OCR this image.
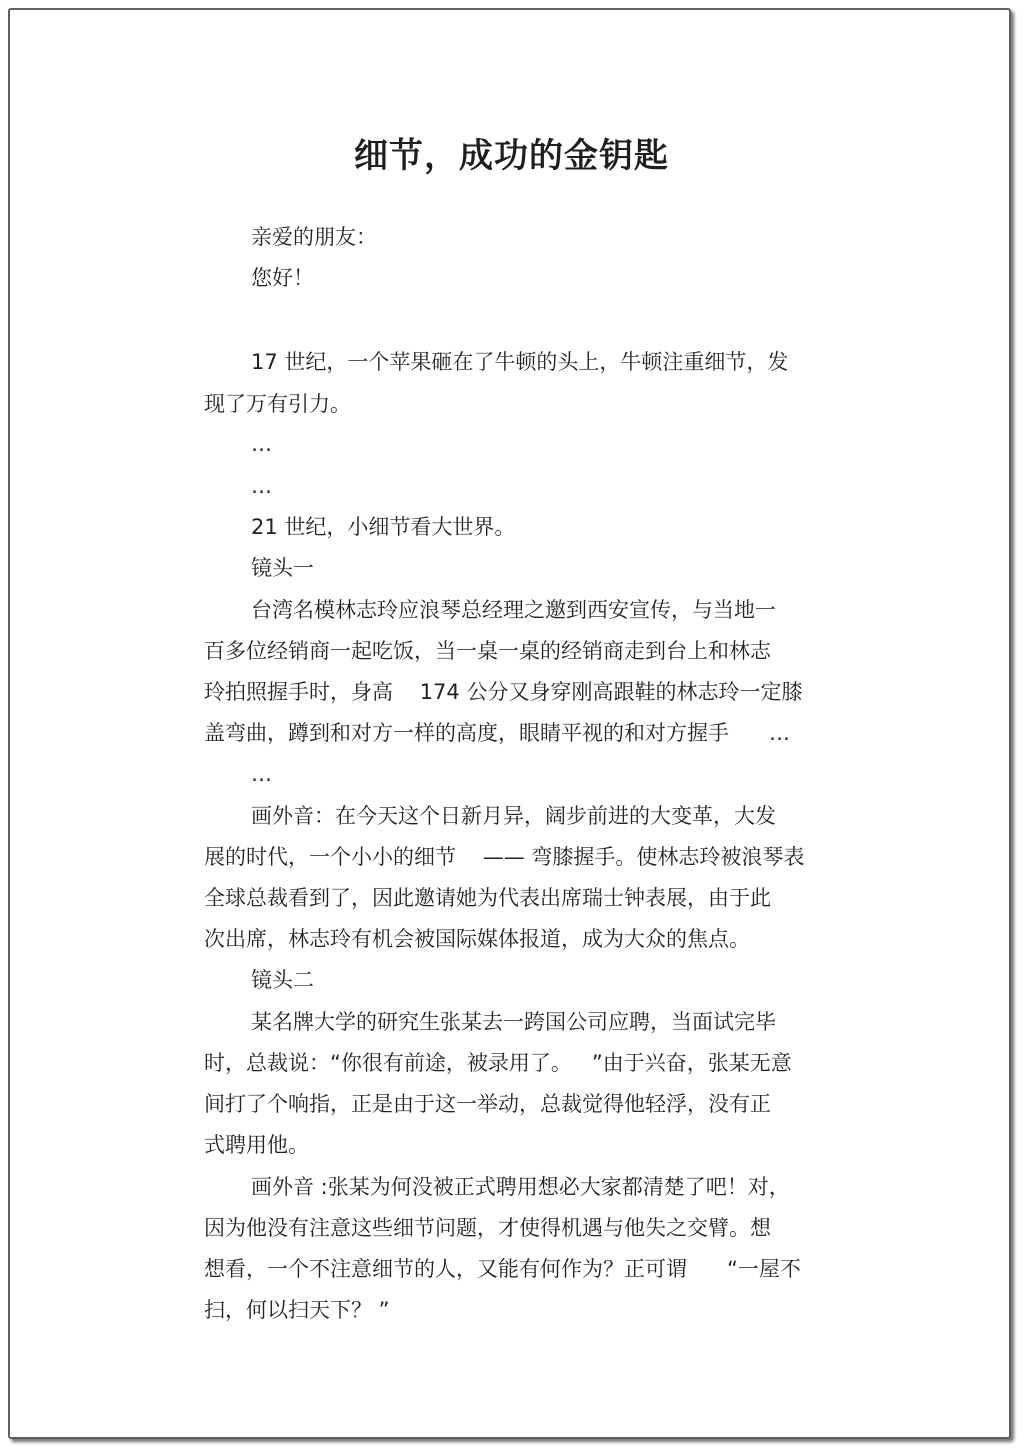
细节，成功的金钥匙

亲爱的朋友：

您好！

17 世纪，一个苹果砸在了牛顿的头上，牛顿注重细节，发

现了万有引力。

…

…

21 世纪，小细节看大世界。

镜头一

台湾名模林志玲应浪琴总经理之邀到西安宣传，与当地一

百多位经销商一起吃饭，当一桌一桌的经销商走到台上和林志

玲拍照握手时，身高    174 公分又身穿刚高跟鞋的林志玲一定膝

盖弯曲，蹲到和对方一样的高度，眼睛平视的和对方握手      …

…

画外音：在今天这个日新月异，阔步前进的大变革，大发

展的时代，一个小小的细节    —— 弯膝握手。使林志玲被浪琴表

全球总裁看到了，因此邀请她为代表出席瑞士钟表展，由于此

次出席，林志玲有机会被国际媒体报道，成为大众的焦点。

镜头二

某名牌大学的研究生张某去一跨国公司应聘，当面试完毕

时，总裁说：“你很有前途，被录用了。   ”由于兴奋，张某无意

间打了个响指，正是由于这一举动，总裁觉得他轻浮，没有正

式聘用他。

画外音 :张某为何没被正式聘用想必大家都清楚了吧！对，

因为他没有注意这些细节问题，才使得机遇与他失之交臂。想

想看，一个不注意细节的人，又能有何作为？正可谓      “一屋不

扫，何以扫天下？ ”
